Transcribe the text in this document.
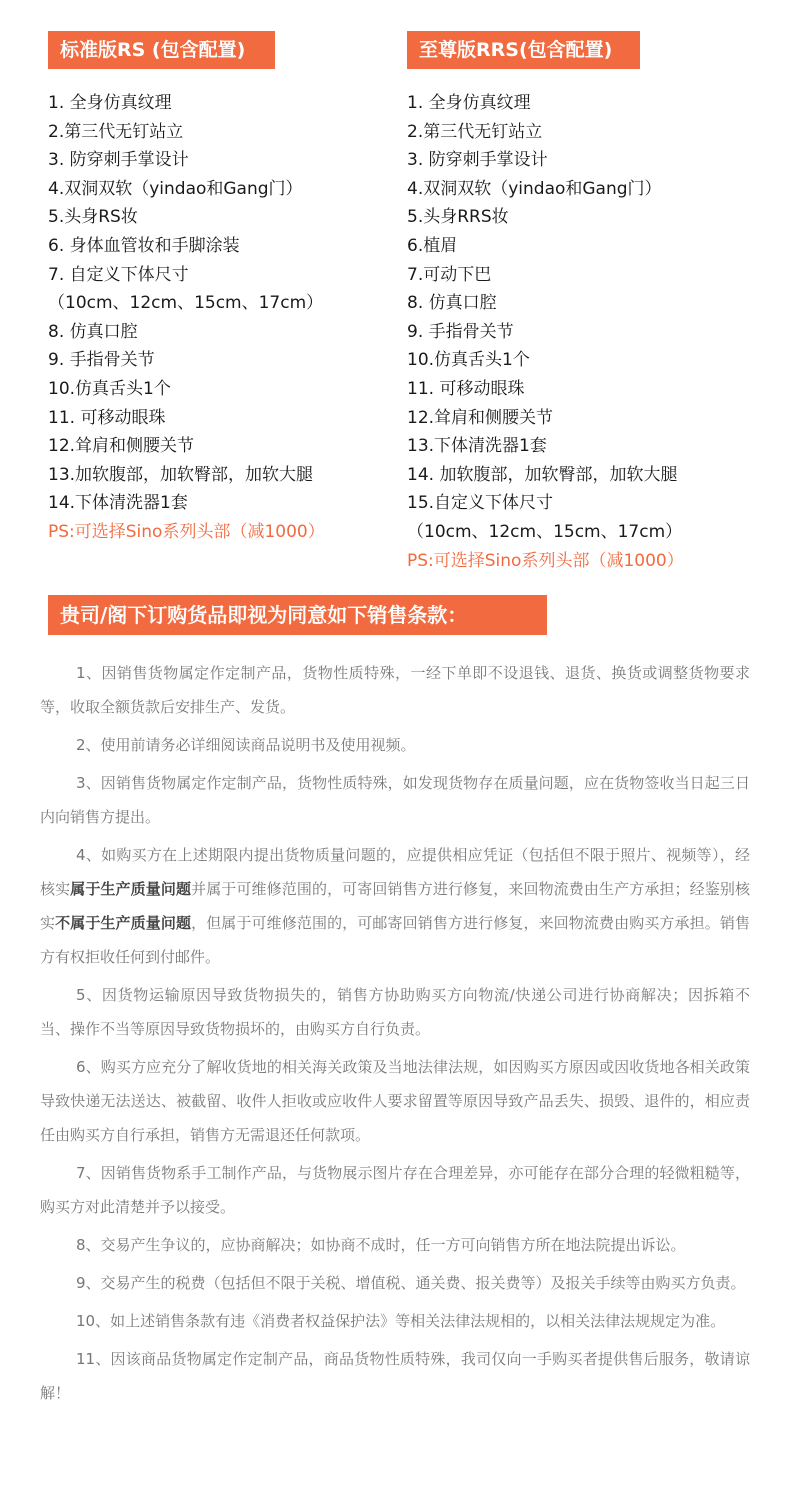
标准版RS (包含配置)	至尊版RRS(包含配置)
1. 全身仿真纹理
2.第三代无钉站立
3. 防穿刺手掌设计
4.双洞双软（yindao和Gang门）
5.头身RS妆
6. 身体血管妆和手脚涂装
7. 自定义下体尺寸
（10cm、12cm、15cm、17cm）
8. 仿真口腔
9. 手指骨关节
10.仿真舌头1个
11. 可移动眼珠
12.耸肩和侧腰关节
13.加软腹部，加软臀部，加软大腿
14.下体清洗器1套
PS:可选择Sino系列头部（减1000）
1. 全身仿真纹理
2.第三代无钉站立
3. 防穿刺手掌设计
4.双洞双软（yindao和Gang门）
5.头身RRS妆
6.植眉
7.可动下巴
8. 仿真口腔
9. 手指骨关节
10.仿真舌头1个
11. 可移动眼珠
12.耸肩和侧腰关节
13.下体清洗器1套
14. 加软腹部，加软臀部，加软大腿
15.自定义下体尺寸
（10cm、12cm、15cm、17cm）
PS:可选择Sino系列头部（减1000）
贵司/阁下订购货品即视为同意如下销售条款：

1、因销售货物属定作定制产品，货物性质特殊，一经下单即不设退钱、退货、换货或调整货物要求等，收取全额货款后安排生产、发货。

2、使用前请务必详细阅读商品说明书及使用视频。

3、因销售货物属定作定制产品，货物性质特殊，如发现货物存在质量问题，应在货物签收当日起三日内向销售方提出。

4、如购买方在上述期限内提出货物质量问题的，应提供相应凭证（包括但不限于照片、视频等），经核实属于生产质量问题并属于可维修范围的，可寄回销售方进行修复，来回物流费由生产方承担；经鉴别核实不属于生产质量问题，但属于可维修范围的，可邮寄回销售方进行修复，来回物流费由购买方承担。销售方有权拒收任何到付邮件。

5、因货物运输原因导致货物损失的，销售方协助购买方向物流/快递公司进行协商解决；因拆箱不当、操作不当等原因导致货物损坏的，由购买方自行负责。

6、购买方应充分了解收货地的相关海关政策及当地法律法规，如因购买方原因或因收货地各相关政策导致快递无法送达、被截留、收件人拒收或应收件人要求留置等原因导致产品丢失、损毁、退件的，相应责任由购买方自行承担，销售方无需退还任何款项。

7、因销售货物系手工制作产品，与货物展示图片存在合理差异，亦可能存在部分合理的轻微粗糙等，购买方对此清楚并予以接受。

8、交易产生争议的，应协商解决；如协商不成时，任一方可向销售方所在地法院提出诉讼。

9、交易产生的税费（包括但不限于关税、增值税、通关费、报关费等）及报关手续等由购买方负责。

10、如上述销售条款有违《消费者权益保护法》等相关法律法规相的，以相关法律法规规定为准。

11、因该商品货物属定作定制产品，商品货物性质特殊，我司仅向一手购买者提供售后服务，敬请谅解！
